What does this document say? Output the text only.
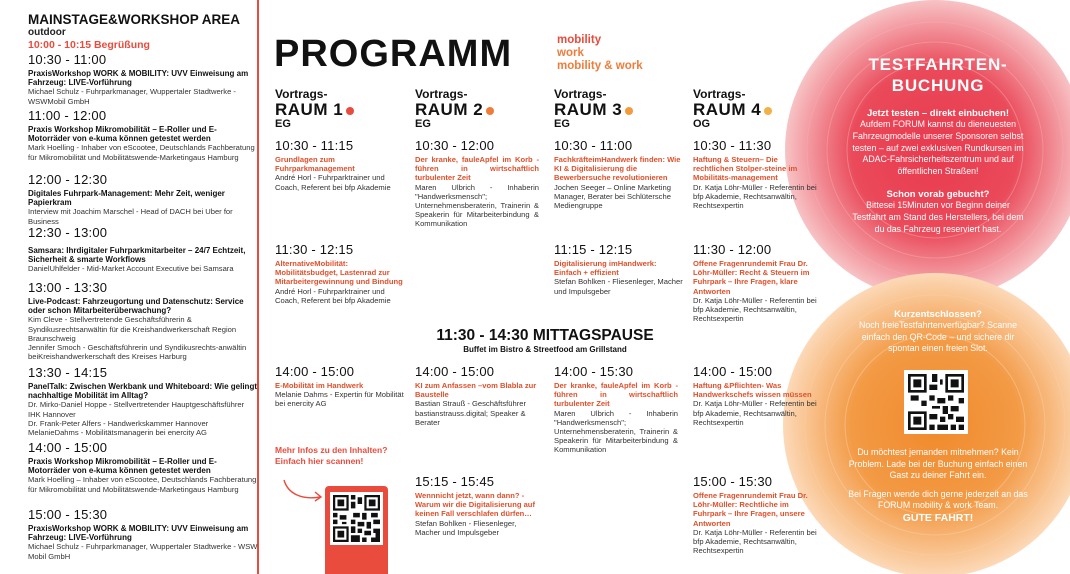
MAINSTAGE&WORKSHOP AREA
outdoor
10:00 - 10:15 Begrüßung
10:30 - 11:00
PraxisWorkshop WORK & MOBILITY: UVV Einweisung am Fahrzeug: LIVE-Vorführung
Michael Schulz - Fuhrparkmanager, Wuppertaler Stadtwerke - WSWMobil GmbH
11:00 - 12:00
Praxis Workshop Mikromobilität – E-Roller und E-Motorräder von e-kuma können getestet werden
Mark Hoelling - Inhaber von eScootee, Deutschlands Fachberatung für Mikromobilität und Mobilitätswende-Marketingaus Hamburg
12:00 - 12:30
Digitales Fuhrpark-Management: Mehr Zeit, weniger Papierkram
Interview mit Joachim Marschel - Head of DACH bei Uber for Business
12:30 - 13:00
Samsara: Ihrdigitaler Fuhrparkmitarbeiter – 24/7 Echtzeit, Sicherheit & smarte Workflows
DanielUhlfelder - Mid-Market Account Executive bei Samsara
13:00 - 13:30
Live-Podcast: Fahrzeugortung und Datenschutz: Service oder schon Mitarbeiterüberwachung?
Kim Cleve - Stellvertretende Geschäftsführerin & Syndikusrechtsanwältin für die Kreishandwerkerschaft Region Braunschweig
Jennifer Smoch - Geschäftsführerin und Syndikusrechts-anwältin beiKreishandwerkerschaft des Kreises Harburg
13:30 - 14:15
PanelTalk: Zwischen Werkbank und Whiteboard: Wie gelingt nachhaltige Mobilität im Alltag?
Dr. Mirko-Daniel Hoppe - Stellvertretender Hauptgeschäftsführer IHK Hannover
Dr. Frank-Peter Alfers - Handwerkskammer Hannover
MelanieDahms - Mobilitätsmanagerin bei enercity AG
14:00 - 15:00
Praxis Workshop Mikromobilität – E-Roller und E-Motorräder von e-kuma können getestet werden
Mark Hoelling – Inhaber von eScootee, Deutschlands Fachberatung für Mikromobilität und Mobilitätswende-Marketingaus Hamburg
15:00 - 15:30
PraxisWorkshop WORK & MOBILITY: UVV Einweisung am Fahrzeug: LIVE-Vorführung
Michael Schulz - Fuhrparkmanager, Wuppertaler Stadtwerke - WSW Mobil GmbH
PROGRAMM	mobility
work
mobility & work
Vortrags-
RAUM 1
EG
Vortrags-
RAUM 2
EG
Vortrags-
RAUM 3
EG
Vortrags-
RAUM 4
OG
10:30 - 11:15
Grundlagen zum Fuhrparkmanagement
André Horl - Fuhrparktrainer und Coach, Referent bei bfp Akademie
11:30 - 12:15
AlternativeMobilität: Mobilitätsbudget, Lastenrad zur Mitarbeitergewinnung und Bindung
André Horl - Fuhrparktrainer und Coach, Referent bei bfp Akademie
14:00 - 15:00
E-Mobilität im Handwerk
Melanie Dahms - Expertin für Mobilität bei enercity AG
10:30 - 12:00
Der kranke, fauleApfel im Korb - führen in wirtschaftlich turbulenter Zeit
Maren Ulbrich - Inhaberin "Handwerksmensch"; Unternehmensberaterin, Trainerin & Speakerin für Mitarbeiterbindung & Kommunikation
14:00 - 15:00
KI zum Anfassen –vom Blabla zur Baustelle
Bastian Strauß - Geschäftsführer bastianstrauss.digital; Speaker & Berater
15:15 - 15:45
Wennnicht jetzt, wann dann? - Warum wir die Digitalisierung auf keinen Fall verschlafen dürfen…
Stefan Bohlken - Fliesenleger, Macher und Impulsgeber
10:30 - 11:00
FachkräfteimHandwerk finden: Wie KI & Digitalisierung die Bewerbersuche revolutionieren
Jochen Seeger – Online Marketing Manager, Berater bei Schlütersche Mediengruppe
11:15 - 12:15
Digitalisierung imHandwerk: Einfach + effizient
Stefan Bohlken - Fliesenleger, Macher und Impulsgeber
14:00 - 15:30
Der kranke, fauleApfel im Korb - führen in wirtschaftlich turbulenter Zeit
Maren Ulbrich - Inhaberin "Handwerksmensch"; Unternehmensberaterin, Trainerin & Speakerin für Mitarbeiterbindung & Kommunikation
10:30 - 11:30
Haftung & Steuern– Die rechtlichen Stolper-steine im Mobilitäts-management
Dr. Katja Löhr-Müller - Referentin bei bfp Akademie, Rechtsanwältin, Rechtsexpertin
11:30 - 12:00
Offene Fragenrundemit Frau Dr. Löhr-Müller: Recht & Steuern im Fuhrpark – Ihre Fragen, klare Antworten
Dr. Katja Löhr-Müller - Referentin bei bfp Akademie, Rechtsanwältin, Rechtsexpertin
14:00 - 15:00
Haftung &Pflichten- Was Handwerkschefs wissen müssen
Dr. Katja Löhr-Müller - Referentin bei bfp Akademie, Rechtsanwältin, Rechtsexpertin
15:00 - 15:30
Offene Fragenrundemit Frau Dr. Löhr-Müller: Rechtliche im Fuhrpark – Ihre Fragen, unsere Antworten
Dr. Katja Löhr-Müller - Referentin bei bfp Akademie, Rechtsanwältin, Rechtsexpertin
11:30 - 14:30 MITTAGSPAUSE
Buffet im Bistro & Streetfood am Grillstand
Mehr Infos zu den Inhalten? Einfach hier scannen!
TESTFAHRTEN-BUCHUNG
Jetzt testen – direkt einbuchen!
Aufdem FORUM kannst du dieneuesten Fahrzeugmodelle unserer Sponsoren selbst testen – auf zwei exklusiven Rundkursen im ADAC-Fahrsicherheitszentrum und auf öffentlichen Straßen!
Schon vorab gebucht?
Bittesei 15Minuten vor Beginn deiner Testfahrt am Stand des Herstellers, bei dem du das Fahrzeug reserviert hast.
Kurzentschlossen?
Noch freieTestfahrtenverfügbar? Scanne einfach den QR-Code – und sichere dir spontan einen freien Slot.
Du möchtest jemanden mitnehmen? Kein Problem. Lade bei der Buchung einfach einen Gast zu deiner Fahrt ein.
Bei Fragen wende dich gerne jederzeit an das FORUM mobility & work Team.
GUTE FAHRT!
